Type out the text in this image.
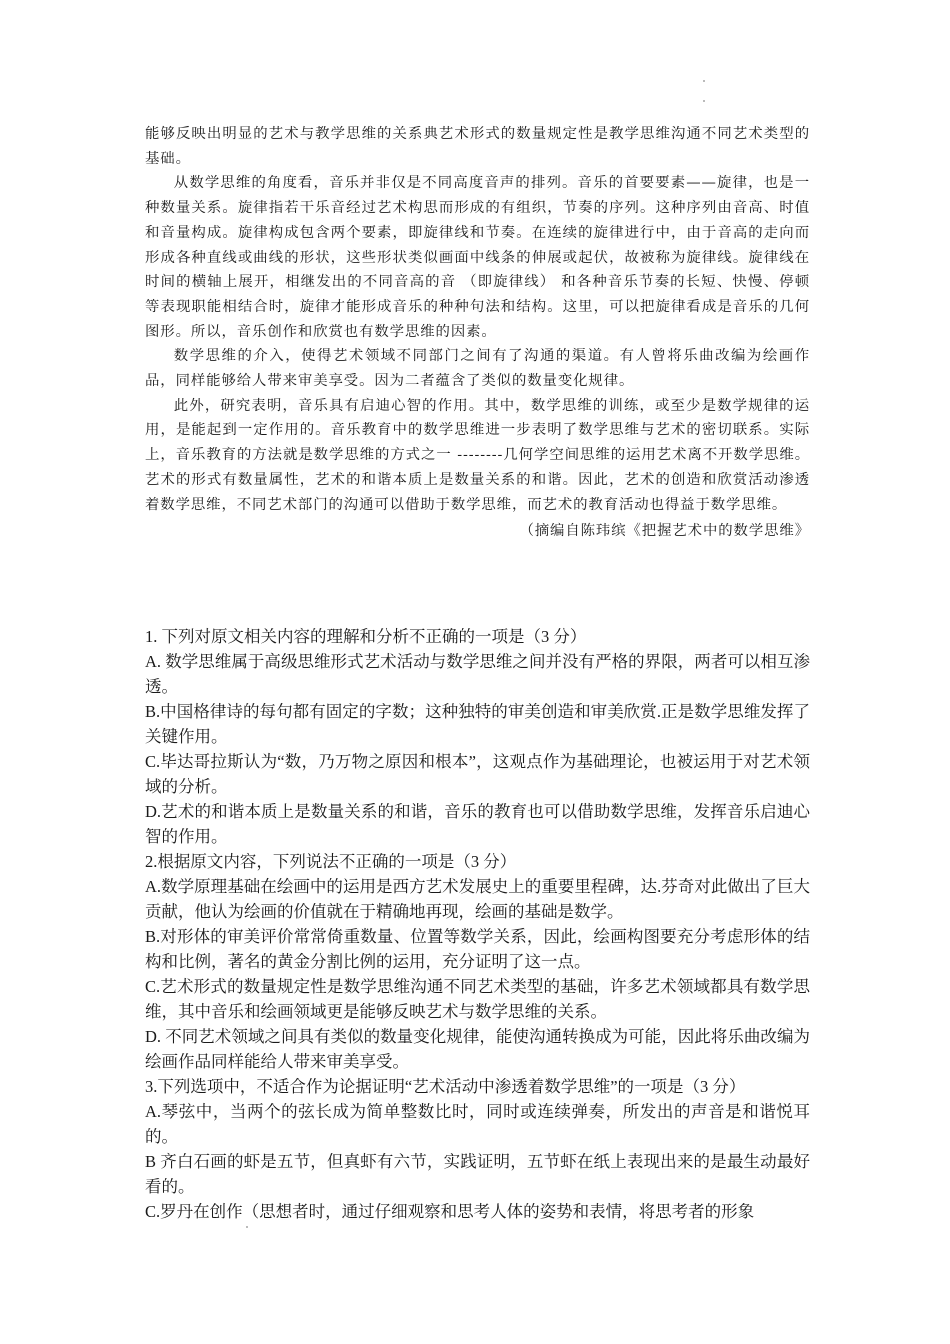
能够反映出明显的艺术与教学思维的关系典艺术形式的数量规定性是教学思维沟通不同艺术类型的基础。

从数学思维的角度看，音乐并非仅是不同高度音声的排列。音乐的首要要素——旋律，也是一种数量关系。旋律指若干乐音经过艺术构思而形成的有组织，节奏的序列。这种序列由音高、时值和音量构成。旋律构成包含两个要素，即旋律线和节奏。在连续的旋律进行中，由于音高的走向而形成各种直线或曲线的形状，这些形状类似画面中线条的伸展或起伏，故被称为旋律线。旋律线在时间的横轴上展开，相继发出的不同音高的音 （即旋律线） 和各种音乐节奏的长短、快慢、停顿等表现职能相结合时，旋律才能形成音乐的种种句法和结构。这里，可以把旋律看成是音乐的几何图形。所以，音乐创作和欣赏也有数学思维的因素。

数学思维的介入，使得艺术领域不同部门之间有了沟通的渠道。有人曾将乐曲改编为绘画作品，同样能够给人带来审美享受。因为二者蕴含了类似的数量变化规律。

此外，研究表明，音乐具有启迪心智的作用。其中，数学思维的训练，或至少是数学规律的运用，是能起到一定作用的。音乐教育中的数学思维进一步表明了数学思维与艺术的密切联系。实际上，音乐教育的方法就是数学思维的方式之一 --------几何学空间思维的运用艺术离不开数学思维。艺术的形式有数量属性，艺术的和谐本质上是数量关系的和谐。因此，艺术的创造和欣赏活动渗透着数学思维，不同艺术部门的沟通可以借助于数学思维，而艺术的教育活动也得益于数学思维。

（摘编自陈玮缤《把握艺术中的数学思维》

1. 下列对原文相关内容的理解和分析不正确的一项是（3 分）

A. 数学思维属于高级思维形式艺术活动与数学思维之间并没有严格的界限，两者可以相互渗透。

B.中国格律诗的每句都有固定的字数；这种独特的审美创造和审美欣赏.正是数学思维发挥了关键作用。

C.毕达哥拉斯认为“数，乃万物之原因和根本”，这观点作为基础理论，也被运用于对艺术领域的分析。

D.艺术的和谐本质上是数量关系的和谐，音乐的教育也可以借助数学思维，发挥音乐启迪心智的作用。

2.根据原文内容，下列说法不正确的一项是（3 分）

A.数学原理基础在绘画中的运用是西方艺术发展史上的重要里程碑，达.芬奇对此做出了巨大贡献，他认为绘画的价值就在于精确地再现，绘画的基础是数学。

B.对形体的审美评价常常倚重数量、位置等数学关系，因此，绘画构图要充分考虑形体的结构和比例，著名的黄金分割比例的运用，充分证明了这一点。

C.艺术形式的数量规定性是数学思维沟通不同艺术类型的基础，许多艺术领域都具有数学思维，其中音乐和绘画领域更是能够反映艺术与数学思维的关系。

D. 不同艺术领域之间具有类似的数量变化规律，能使沟通转换成为可能，因此将乐曲改编为绘画作品同样能给人带来审美享受。

3.下列选项中，不适合作为论据证明“艺术活动中渗透着数学思维”的一项是（3 分）

A.琴弦中，当两个的弦长成为简单整数比时，同时或连续弹奏，所发出的声音是和谐悦耳的。

B 齐白石画的虾是五节，但真虾有六节，实践证明，五节虾在纸上表现出来的是最生动最好看的。

C.罗丹在创作（思想者时，通过仔细观察和思考人体的姿势和表情，将思考者的形象
